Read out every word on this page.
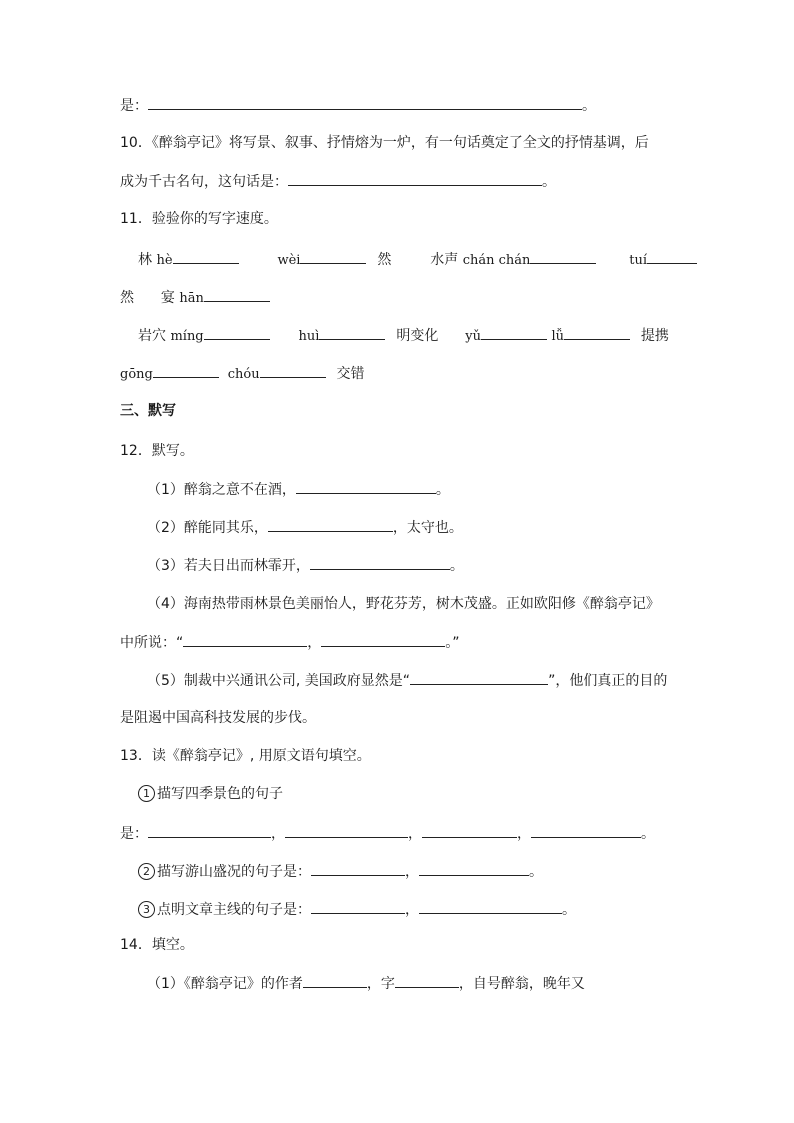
是：	。
10．《醉翁亭记》将写景、叙事、抒情熔为一炉，有一句话奠定了全文的抒情基调，后
成为千古名句，这句话是：	。
11．验验你的写字速度。
林 hè	wèi	然	水声 chán chán	tuí
然 宴 hān
岩穴 míng	huì	明变化 yǔ	lǚ	提携
gōng	chóu	交错
三、默写
12．默写。
（1）醉翁之意不在酒，	。
（2）醉能同其乐，	，太守也。
（3）若夫日出而林霏开，	。
（4）海南热带雨林景色美丽怡人，野花芬芳，树木茂盛。正如欧阳修《醉翁亭记》
中所说：“	，	。”
（5）制裁中兴通讯公司, 美国政府显然是“	”，他们真正的目的
是阻遏中国高科技发展的步伐。
13．读《醉翁亭记》, 用原文语句填空。
1 描写四季景色的句子
是：	，	，	，	。
2 描写游山盛况的句子是：	，	。
3 点明文章主线的句子是：	，	。
14．填空。
（1）《醉翁亭记》的作者	，字	，自号醉翁，晚年又
